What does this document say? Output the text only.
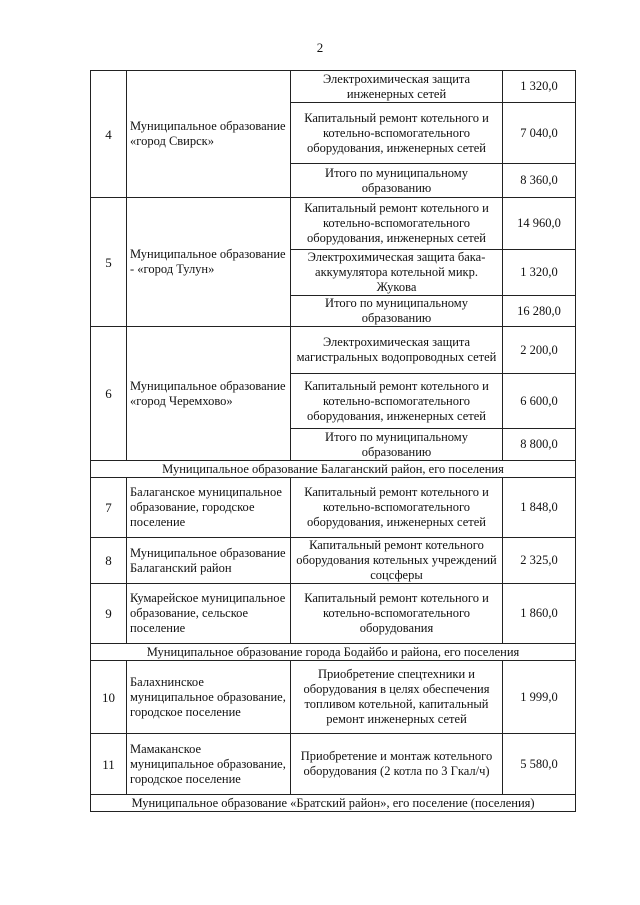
2
4	Муниципальное образование «город Свирск»	Электрохимическая защита инженерных сетей	1 320,0
		Капитальный ремонт котельного и котельно-вспомогательного оборудования, инженерных сетей	7 040,0
		Итого по муниципальному образованию	8 360,0
5	Муниципальное образование - «город Тулун»	Капитальный ремонт котельного и котельно-вспомогательного оборудования, инженерных сетей	14 960,0
		Электрохимическая защита бака-аккумулятора котельной микр. Жукова	1 320,0
		Итого по муниципальному образованию	16 280,0
6	Муниципальное образование «город Черемхово»	Электрохимическая защита магистральных водопроводных сетей	2 200,0
		Капитальный ремонт котельного и котельно-вспомогательного оборудования, инженерных сетей	6 600,0
		Итого по муниципальному образованию	8 800,0
Муниципальное образование Балаганский район, его поселения			
7	Балаганское муниципальное образование, городское поселение	Капитальный ремонт котельного и котельно-вспомогательного оборудования, инженерных сетей	1 848,0
8	Муниципальное образование Балаганский район	Капитальный ремонт котельного оборудования котельных учреждений соцсферы	2 325,0
9	Кумарейское муниципальное образование, сельское поселение	Капитальный ремонт котельного и котельно-вспомогательного оборудования	1 860,0
Муниципальное образование города Бодайбо и района, его поселения			
10	Балахнинское муниципальное образование, городское поселение	Приобретение спецтехники и оборудования в целях обеспечения топливом котельной, капитальный ремонт инженерных сетей	1 999,0
11	Мамаканское муниципальное образование, городское поселение	Приобретение и монтаж котельного оборудования (2 котла по 3 Гкал/ч)	5 580,0
Муниципальное образование «Братский район», его поселение (поселения)			
